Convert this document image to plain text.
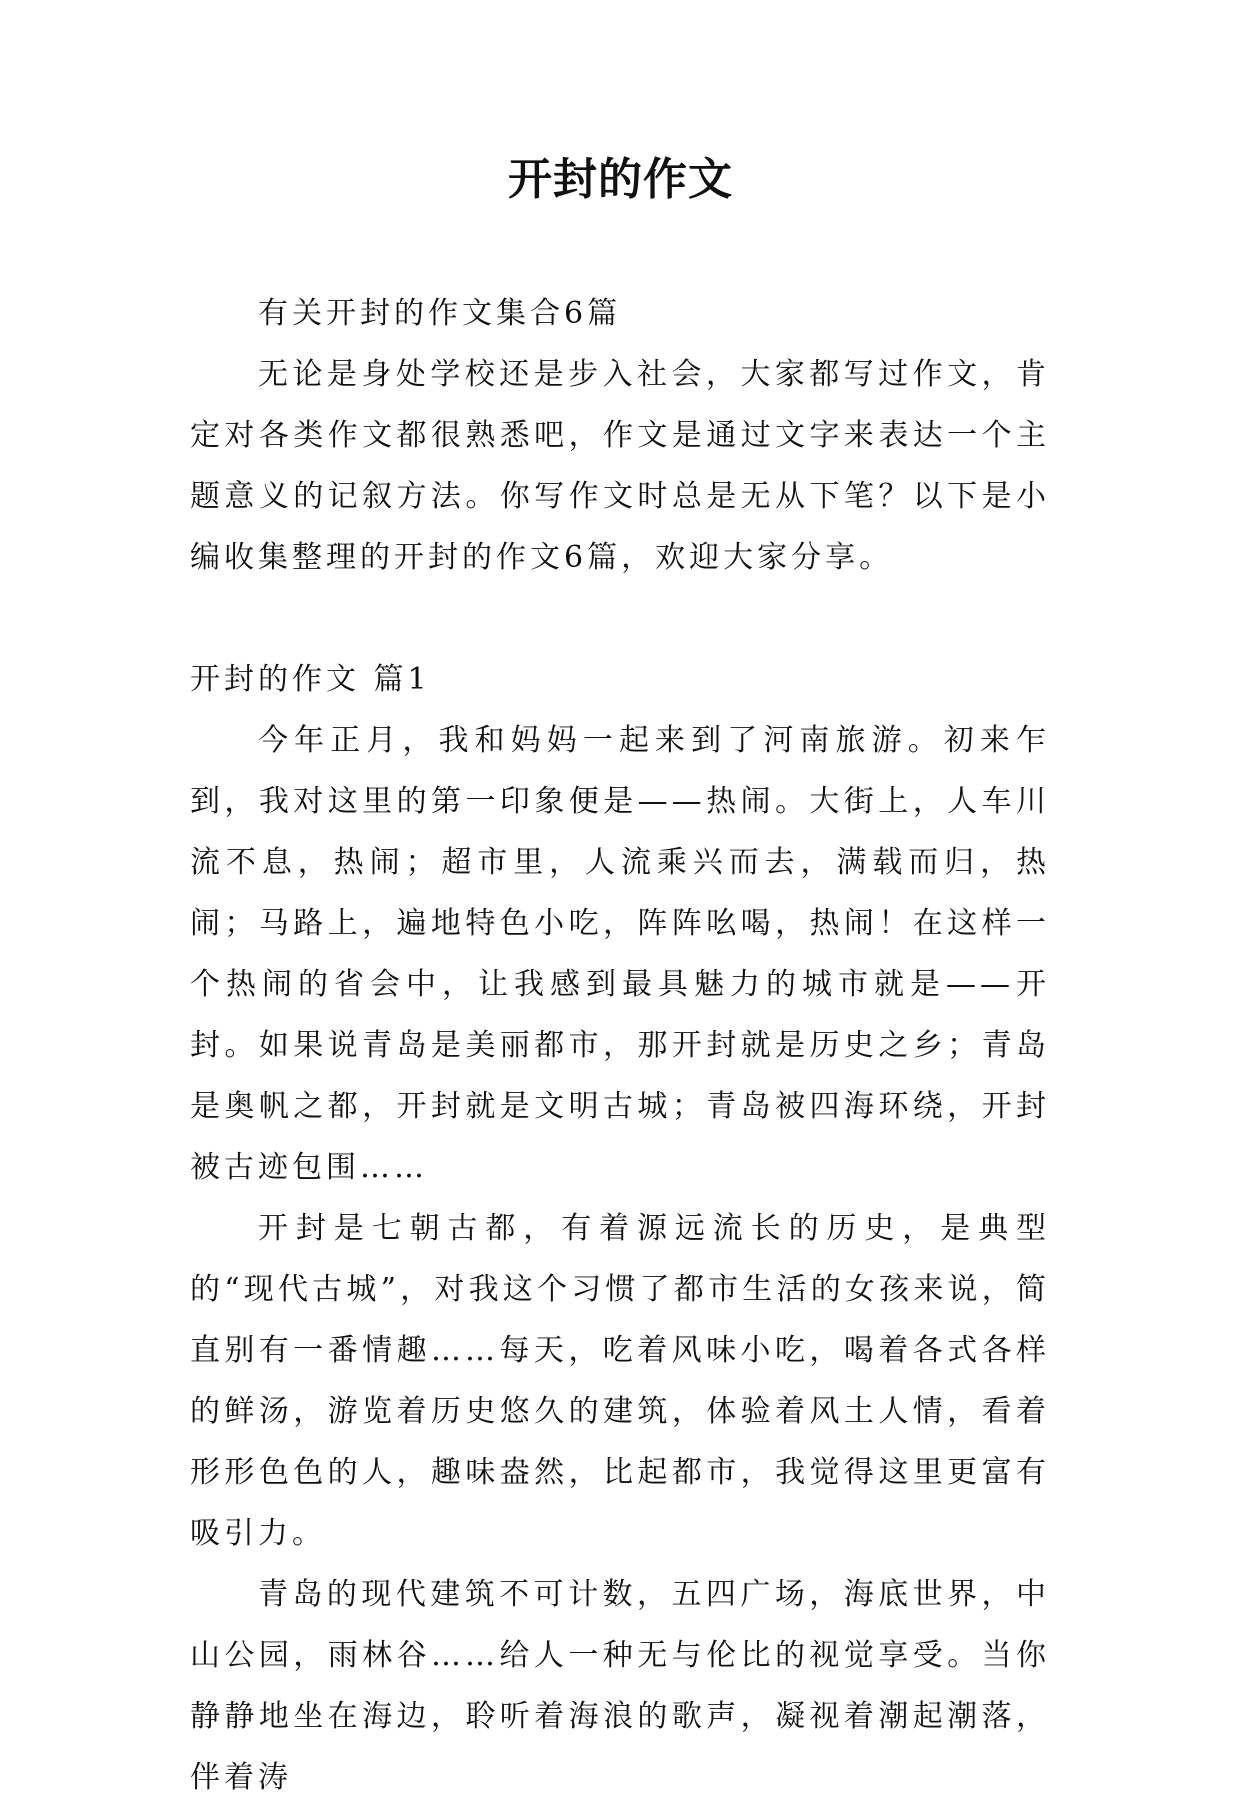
开封的作文

有关开封的作文集合6篇

无论是身处学校还是步入社会，大家都写过作文，肯定对各类作文都很熟悉吧，作文是通过文字来表达一个主题意义的记叙方法。你写作文时总是无从下笔？以下是小编收集整理的开封的作文6篇，欢迎大家分享。

开封的作文 篇1

今年正月，我和妈妈一起来到了河南旅游。初来乍到，我对这里的第一印象便是——热闹。大街上，人车川流不息，热闹；超市里，人流乘兴而去，满载而归，热闹；马路上，遍地特色小吃，阵阵吆喝，热闹！在这样一个热闹的省会中，让我感到最具魅力的城市就是——开封。如果说青岛是美丽都市，那开封就是历史之乡；青岛是奥帆之都，开封就是文明古城；青岛被四海环绕，开封被古迹包围……

开封是七朝古都，有着源远流长的历史，是典型的“现代古城”，对我这个习惯了都市生活的女孩来说，简直别有一番情趣……每天，吃着风味小吃，喝着各式各样的鲜汤，游览着历史悠久的建筑，体验着风土人情，看着形形色色的人，趣味盎然，比起都市，我觉得这里更富有吸引力。

青岛的现代建筑不可计数，五四广场，海底世界，中山公园，雨林谷……给人一种无与伦比的视觉享受。当你静静地坐在海边，聆听着海浪的歌声，凝视着潮起潮落，伴着涛
